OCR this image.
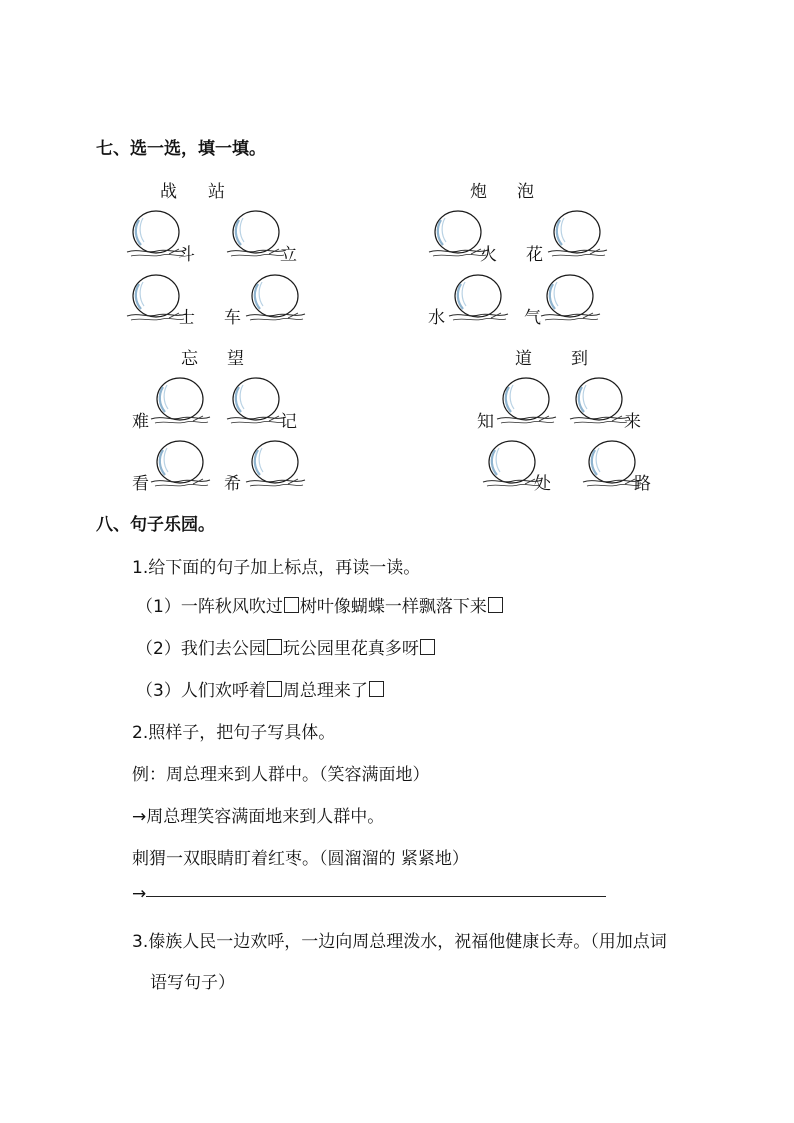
七、选一选，填一填。
战 站
斗	立
士 车
炮 泡
火 花
水	气
忘 望
难	记
看	希
道 到
知	来
处	路
八、句子乐园。
1.给下面的句子加上标点，再读一读。
（1）一阵秋风吹过 树叶像蝴蝶一样飘落下来
（2）我们去公园 玩公园里花真多呀
（3）人们欢呼着 周总理来了
2.照样子，把句子写具体。
例：周总理来到人群中。（笑容满面地）
→周总理笑容满面地来到人群中。
刺猬一双眼睛盯着红枣。（圆溜溜的 紧紧地）
→
3.傣族人民一边欢呼，一边向周总理泼水，祝福他健康长寿。（用加点词
语写句子）
